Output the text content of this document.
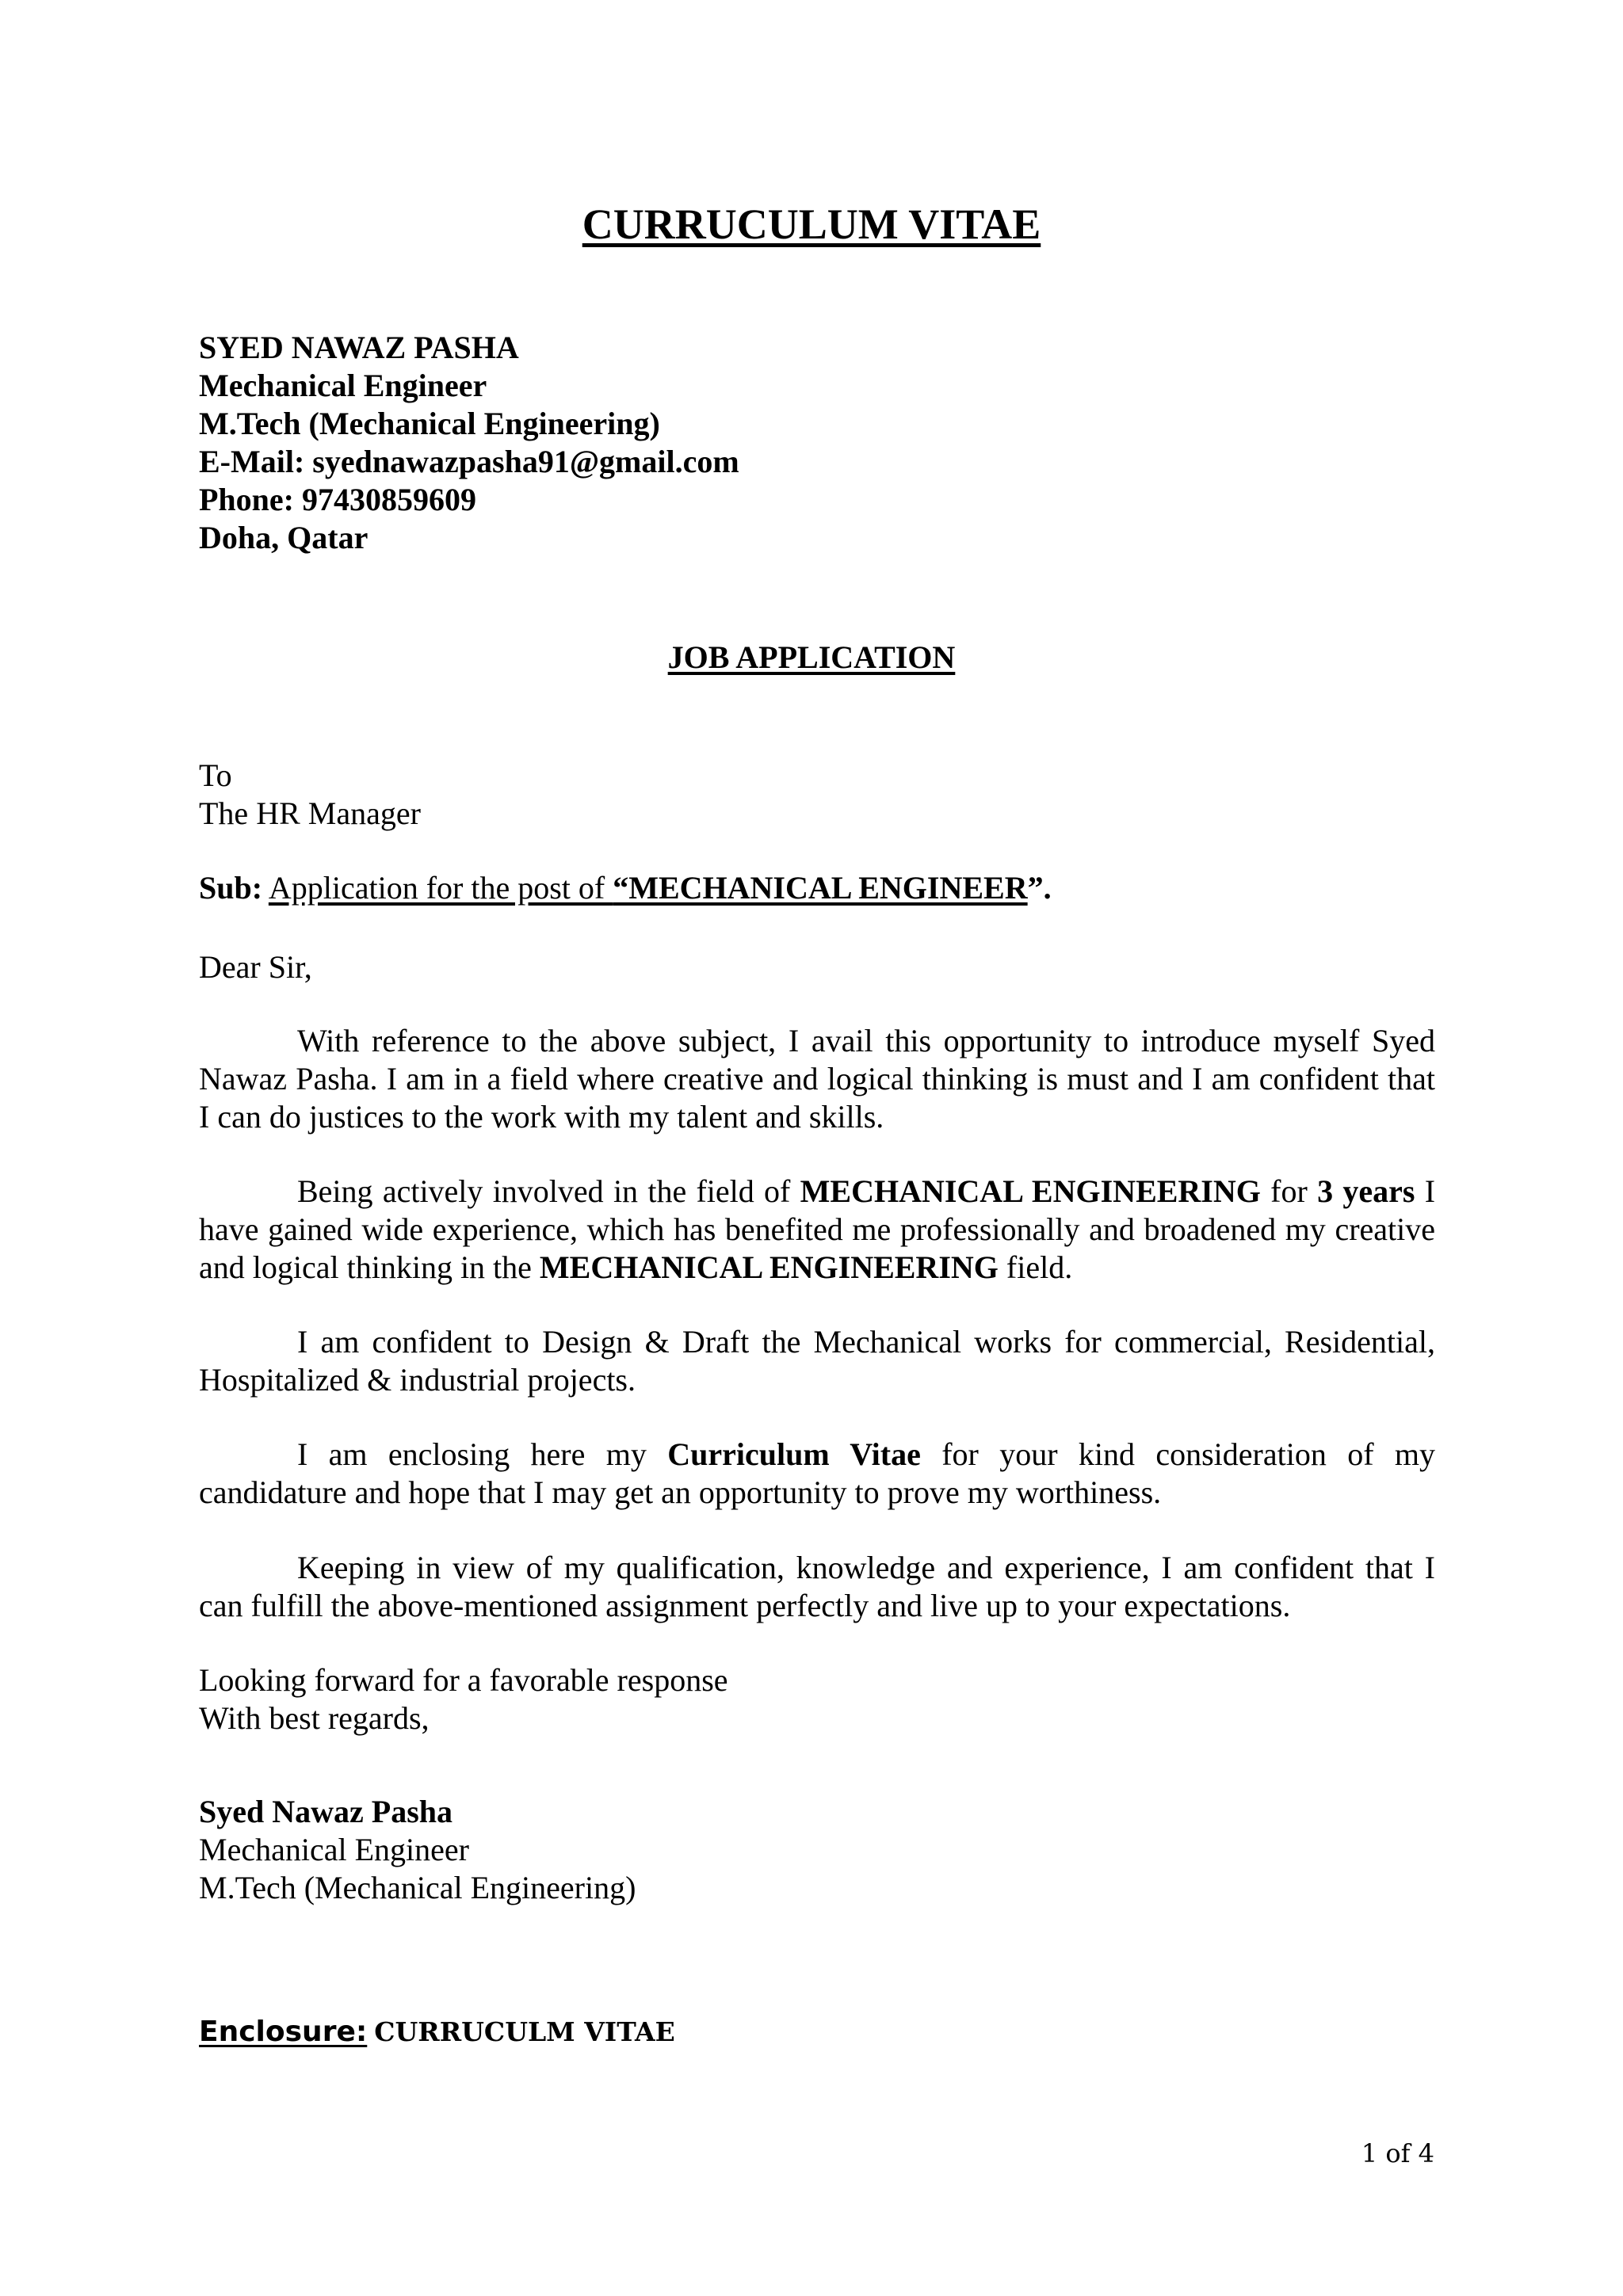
CURRUCULUM VITAE
SYED NAWAZ PASHA
Mechanical Engineer
M.Tech (Mechanical Engineering)
E-Mail: syednawazpasha91@gmail.com
Phone: 97430859609
Doha, Qatar
JOB APPLICATION
To
The HR Manager
Sub: Application for the post of “MECHANICAL ENGINEER”.
Dear Sir,
With reference to the above subject, I avail this opportunity to introduce myself Syed Nawaz Pasha. I am in a field where creative and logical thinking is must and I am confident that I can do justices to the work with my talent and skills.
Being actively involved in the field of MECHANICAL ENGINEERING for 3 years I have gained wide experience, which has benefited me professionally and broadened my creative and logical thinking in the MECHANICAL ENGINEERING field.
I am confident to Design & Draft the Mechanical works for commercial, Residential, Hospitalized & industrial projects.
I am enclosing here my Curriculum Vitae for your kind consideration of my candidature and hope that I may get an opportunity to prove my worthiness.
Keeping in view of my qualification, knowledge and experience, I am confident that I can fulfill the above-mentioned assignment perfectly and live up to your expectations.
Looking forward for a favorable response
With best regards,
Syed Nawaz Pasha
Mechanical Engineer
M.Tech (Mechanical Engineering)
Enclosure: CURRUCULM VITAE
1 of 4
